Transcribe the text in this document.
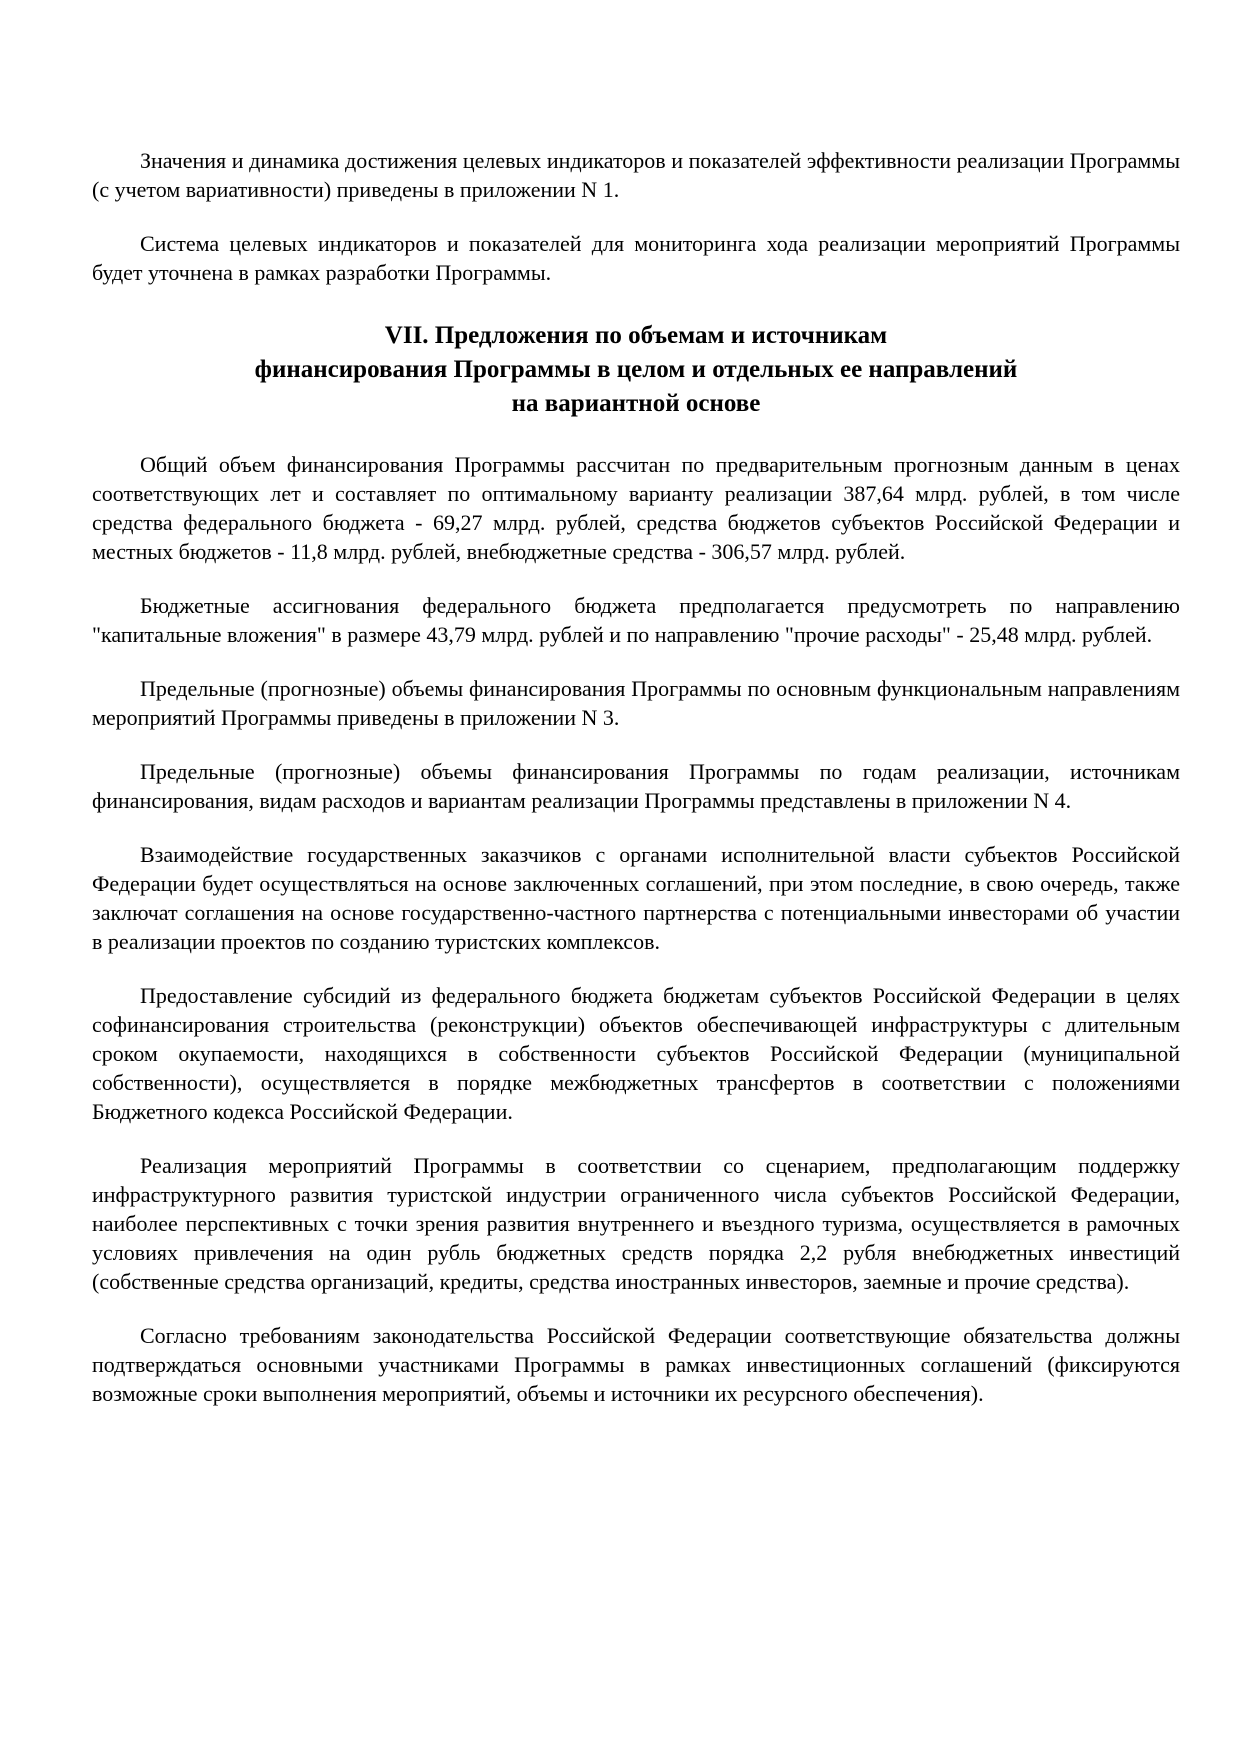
Значения и динамика достижения целевых индикаторов и показателей эффективности реализации Программы (с учетом вариативности) приведены в приложении N 1.

Система целевых индикаторов и показателей для мониторинга хода реализации мероприятий Программы будет уточнена в рамках разработки Программы.

VII. Предложения по объемам и источникам
финансирования Программы в целом и отдельных ее направлений
на вариантной основе

Общий объем финансирования Программы рассчитан по предварительным прогнозным данным в ценах соответствующих лет и составляет по оптимальному варианту реализации 387,64 млрд. рублей, в том числе средства федерального бюджета - 69,27 млрд. рублей, средства бюджетов субъектов Российской Федерации и местных бюджетов - 11,8 млрд. рублей, внебюджетные средства - 306,57 млрд. рублей.

Бюджетные ассигнования федерального бюджета предполагается предусмотреть по направлению "капитальные вложения" в размере 43,79 млрд. рублей и по направлению "прочие расходы" - 25,48 млрд. рублей.

Предельные (прогнозные) объемы финансирования Программы по основным функциональным направлениям мероприятий Программы приведены в приложении N 3.

Предельные (прогнозные) объемы финансирования Программы по годам реализации, источникам финансирования, видам расходов и вариантам реализации Программы представлены в приложении N 4.

Взаимодействие государственных заказчиков с органами исполнительной власти субъектов Российской Федерации будет осуществляться на основе заключенных соглашений, при этом последние, в свою очередь, также заключат соглашения на основе государственно-частного партнерства с потенциальными инвесторами об участии в реализации проектов по созданию туристских комплексов.

Предоставление субсидий из федерального бюджета бюджетам субъектов Российской Федерации в целях софинансирования строительства (реконструкции) объектов обеспечивающей инфраструктуры с длительным сроком окупаемости, находящихся в собственности субъектов Российской Федерации (муниципальной собственности), осуществляется в порядке межбюджетных трансфертов в соответствии с положениями Бюджетного кодекса Российской Федерации.

Реализация мероприятий Программы в соответствии со сценарием, предполагающим поддержку инфраструктурного развития туристской индустрии ограниченного числа субъектов Российской Федерации, наиболее перспективных с точки зрения развития внутреннего и въездного туризма, осуществляется в рамочных условиях привлечения на один рубль бюджетных средств порядка 2,2 рубля внебюджетных инвестиций (собственные средства организаций, кредиты, средства иностранных инвесторов, заемные и прочие средства).

Согласно требованиям законодательства Российской Федерации соответствующие обязательства должны подтверждаться основными участниками Программы в рамках инвестиционных соглашений (фиксируются возможные сроки выполнения мероприятий, объемы и источники их ресурсного обеспечения).
